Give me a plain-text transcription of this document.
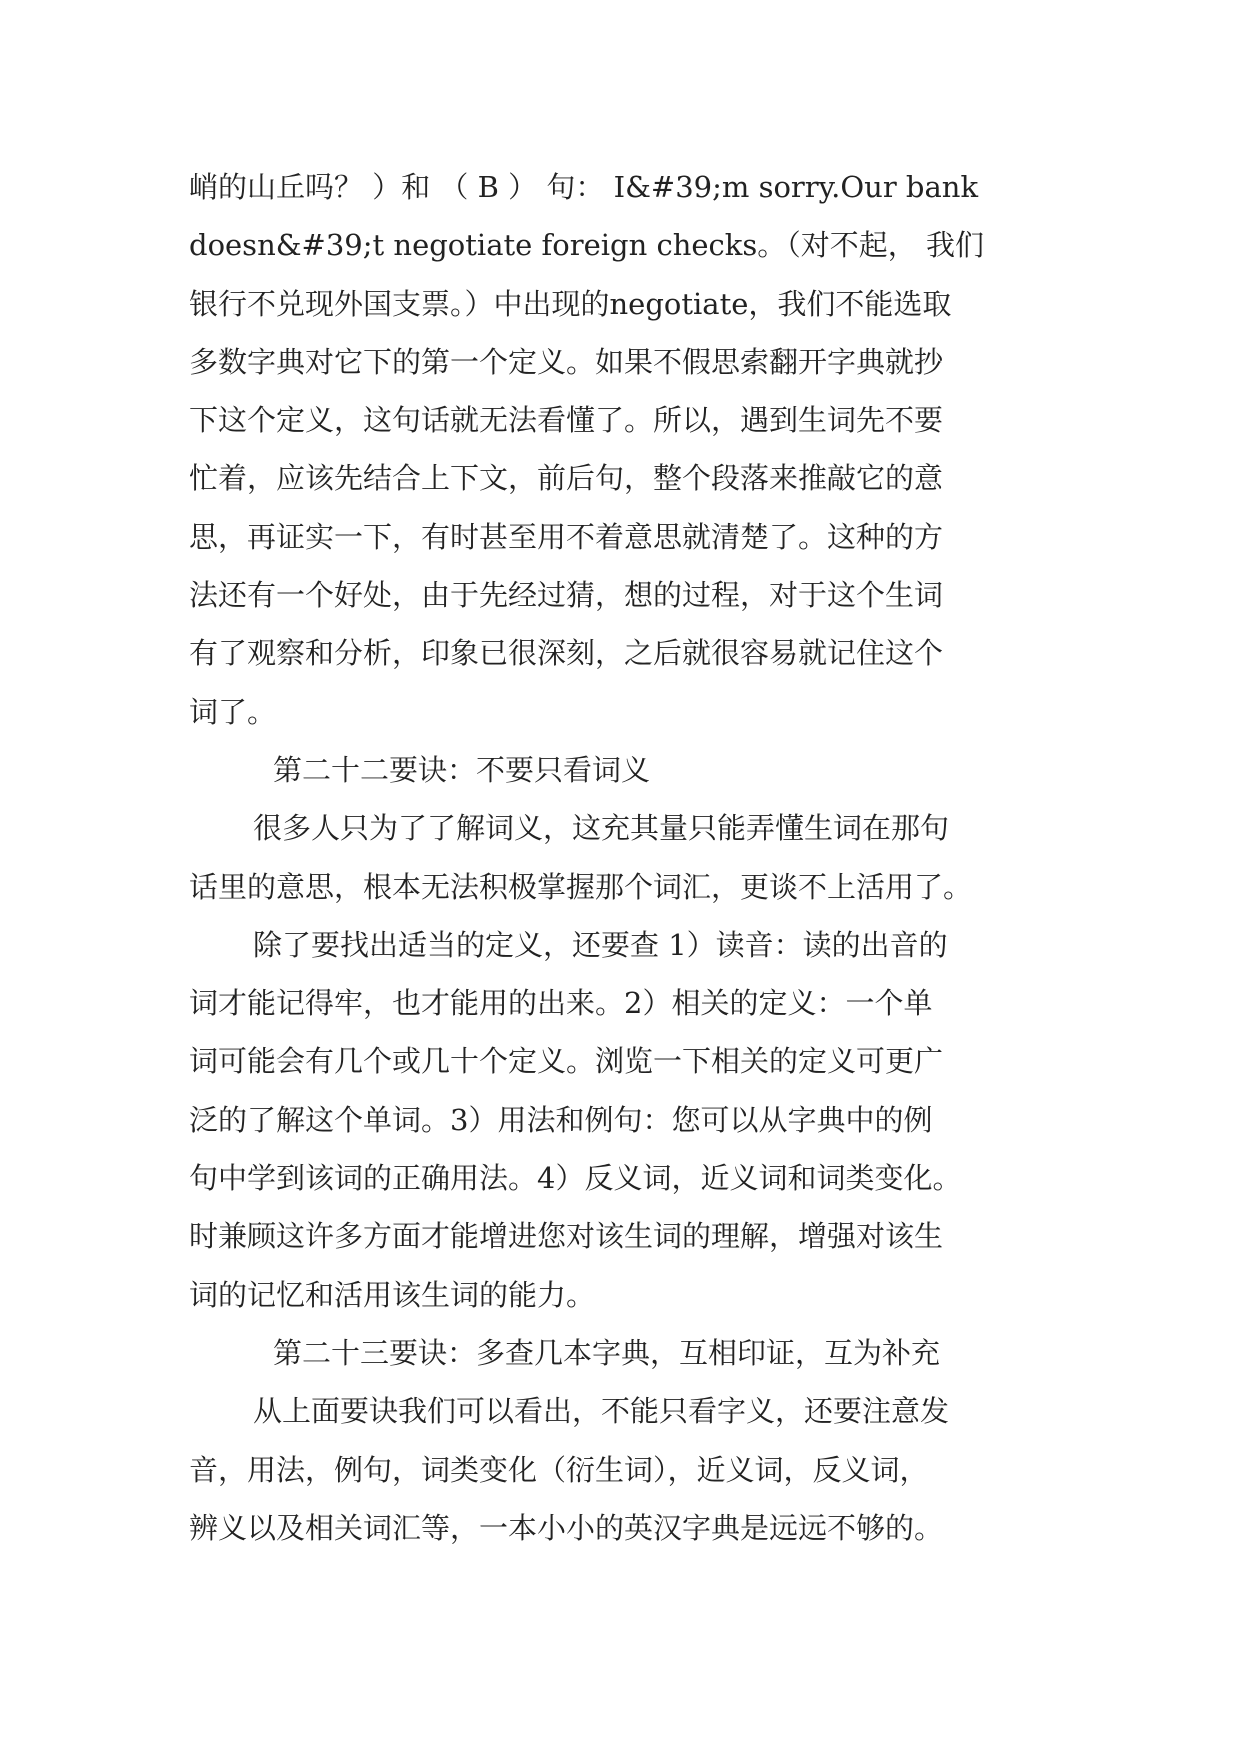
峭的山丘吗？ ）和 （ B ） 句： I&#39;m sorry.Our bank
doesn&#39;t negotiate foreign checks。（对不起， 我们
银行不兑现外国支票。）中出现的negotiate，我们不能选取
多数字典对它下的第一个定义。如果不假思索翻开字典就抄
下这个定义，这句话就无法看懂了。所以，遇到生词先不要
忙着，应该先结合上下文，前后句，整个段落来推敲它的意
思，再证实一下，有时甚至用不着意思就清楚了。这种的方
法还有一个好处，由于先经过猜，想的过程，对于这个生词
有了观察和分析，印象已很深刻，之后就很容易就记住这个
词了。
第二十二要诀：不要只看词义
很多人只为了了解词义，这充其量只能弄懂生词在那句
话里的意思，根本无法积极掌握那个词汇，更谈不上活用了。
除了要找出适当的定义，还要查 1）读音：读的出音的
词才能记得牢，也才能用的出来。2）相关的定义：一个单
词可能会有几个或几十个定义。浏览一下相关的定义可更广
泛的了解这个单词。3）用法和例句：您可以从字典中的例
句中学到该词的正确用法。4）反义词，近义词和词类变化。
时兼顾这许多方面才能增进您对该生词的理解，增强对该生
词的记忆和活用该生词的能力。
第二十三要诀：多查几本字典，互相印证，互为补充
从上面要诀我们可以看出，不能只看字义，还要注意发
音，用法，例句，词类变化（衍生词），近义词，反义词，
辨义以及相关词汇等，一本小小的英汉字典是远远不够的。
